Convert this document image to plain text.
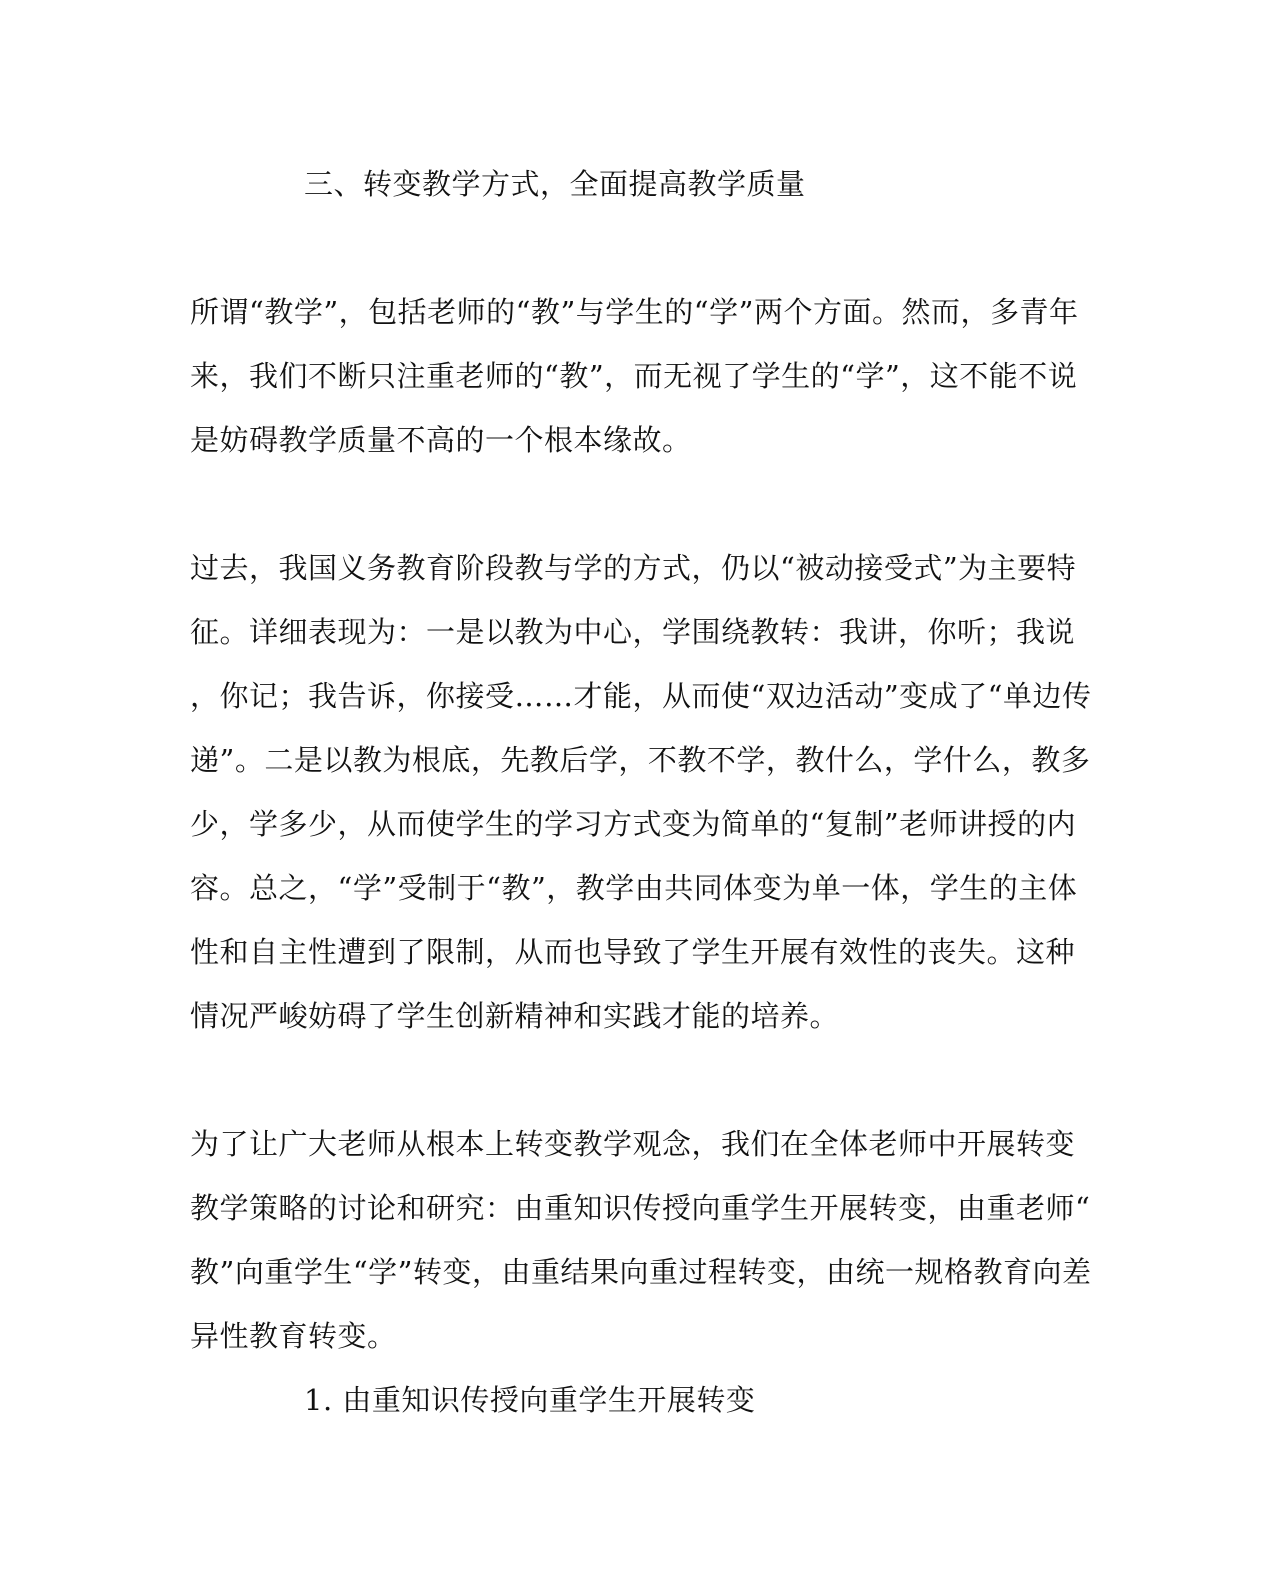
三、转变教学方式，全面提高教学质量
所谓“教学”，包括老师的“教”与学生的“学”两个方面。然而，多青年
来，我们不断只注重老师的“教”，而无视了学生的“学”，这不能不说
是妨碍教学质量不高的一个根本缘故。
过去，我国义务教育阶段教与学的方式，仍以“被动接受式”为主要特
征。详细表现为：一是以教为中心，学围绕教转：我讲，你听；我说
，你记；我告诉，你接受……才能，从而使“双边活动”变成了“单边传
递”。二是以教为根底，先教后学，不教不学，教什么，学什么，教多
少，学多少，从而使学生的学习方式变为简单的“复制”老师讲授的内
容。总之，“学”受制于“教”，教学由共同体变为单一体，学生的主体
性和自主性遭到了限制，从而也导致了学生开展有效性的丧失。这种
情况严峻妨碍了学生创新精神和实践才能的培养。
为了让广大老师从根本上转变教学观念，我们在全体老师中开展转变
教学策略的讨论和研究：由重知识传授向重学生开展转变，由重老师“
教”向重学生“学”转变，由重结果向重过程转变，由统一规格教育向差
异性教育转变。
1. 由重知识传授向重学生开展转变
